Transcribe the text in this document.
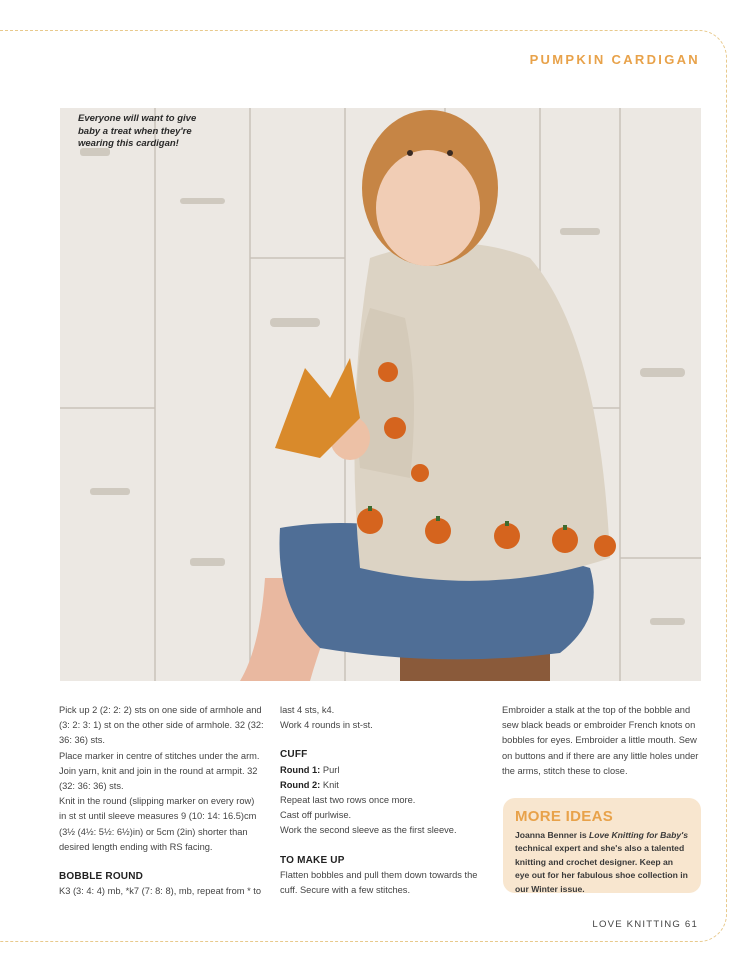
PUMPKIN CARDIGAN
Everyone will want to give baby a treat when they're wearing this cardigan!

Pick up 2 (2: 2: 2) sts on one side of armhole and (3: 2: 3: 1) st on the other side of armhole. 32 (32: 36: 36) sts.

Place marker in centre of stitches under the arm. Join yarn, knit and join in the round at armpit. 32 (32: 36: 36) sts.

Knit in the round (slipping marker on every row) in st st until sleeve measures 9 (10: 14: 16.5)cm (3½ (4½: 5½: 6½)in) or 5cm (2in) shorter than desired length ending with RS facing.

BOBBLE ROUND

K3 (3: 4: 4) mb, *k7 (7: 8: 8), mb, repeat from * to

last 4 sts, k4.

Work 4 rounds in st-st.

CUFF

Round 1: Purl

Round 2: Knit

Repeat last two rows once more.

Cast off purlwise.

Work the second sleeve as the first sleeve.

TO MAKE UP

Flatten bobbles and pull them down towards the cuff. Secure with a few stitches.

Embroider a stalk at the top of the bobble and sew black beads or embroider French knots on bobbles for eyes. Embroider a little mouth. Sew on buttons and if there are any little holes under the arms, stitch these to close.

MORE IDEAS

Joanna Benner is Love Knitting for Baby's technical expert and she's also a talented knitting and crochet designer. Keep an eye out for her fabulous shoe collection in our Winter issue.

LOVE KNITTING 61
